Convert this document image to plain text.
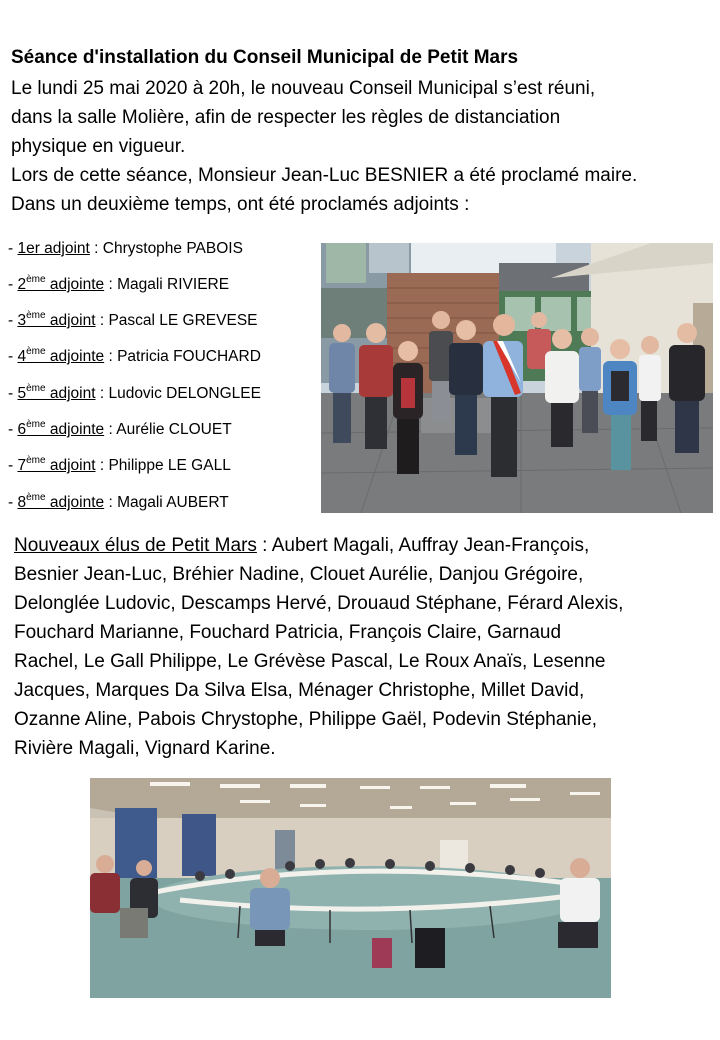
Séance d'installation du Conseil Municipal de Petit Mars

Le lundi 25 mai 2020 à 20h, le nouveau Conseil Municipal s’est réuni,

dans la salle Molière, afin de respecter les règles de distanciation

physique en vigueur.

Lors de cette séance, Monsieur Jean-Luc BESNIER a été proclamé maire.

Dans un deuxième temps, ont été proclamés adjoints :

- 1er adjoint : Chrystophe PABOIS
- 2ème adjointe : Magali RIVIERE
- 3ème adjoint : Pascal LE GREVESE
- 4ème adjointe : Patricia FOUCHARD
- 5ème adjoint : Ludovic DELONGLEE
- 6ème adjointe : Aurélie CLOUET
- 7ème adjoint : Philippe LE GALL
- 8ème adjointe : Magali AUBERT
Nouveaux élus de Petit Mars : Aubert Magali, Auffray Jean-François,
Besnier Jean-Luc, Bréhier Nadine, Clouet Aurélie, Danjou Grégoire,
Delonglée Ludovic, Descamps Hervé, Drouaud Stéphane, Férard Alexis,
Fouchard Marianne, Fouchard Patricia, François Claire, Garnaud
Rachel, Le Gall Philippe, Le Grévèse Pascal, Le Roux Anaïs, Lesenne
Jacques, Marques Da Silva Elsa, Ménager Christophe, Millet David,
Ozanne Aline, Pabois Chrystophe, Philippe Gaël, Podevin Stéphanie,
Rivière Magali, Vignard Karine.
